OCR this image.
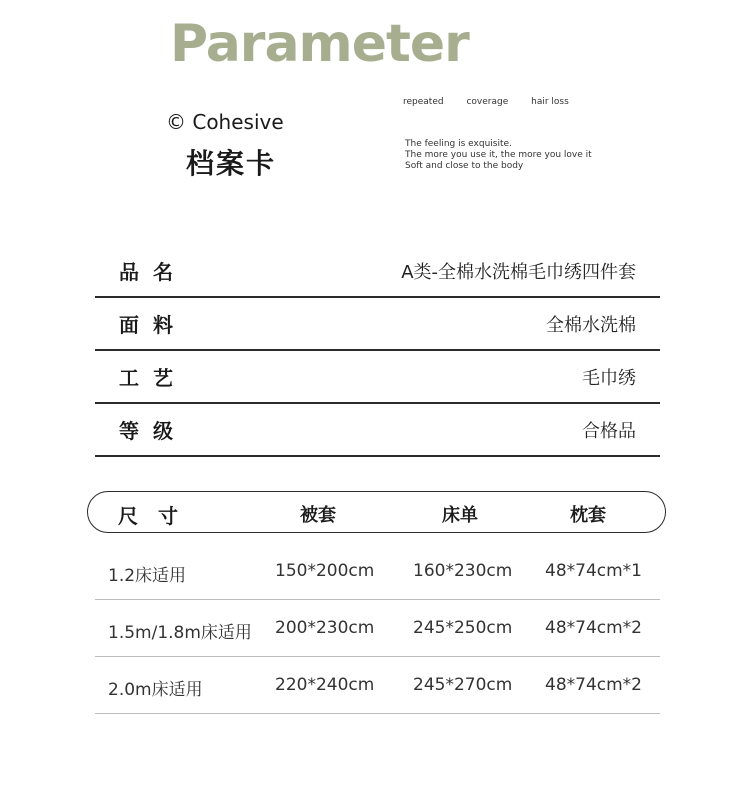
Parameter
© Cohesive
档案卡
repeated	coverage	hair loss
The feeling is exquisite.
The more you use it, the more you love it
Soft and close to the body
品名	A类-全棉水洗棉毛巾绣四件套
面料	全棉水洗棉
工艺	毛巾绣
等级	合格品
尺寸	被套	床单	枕套
1.2床适用	150*200cm 160*230cm 48*74cm*1
1.5m/1.8m床适用 200*230cm 245*250cm 48*74cm*2
2.0m床适用	220*240cm 245*270cm 48*74cm*2
